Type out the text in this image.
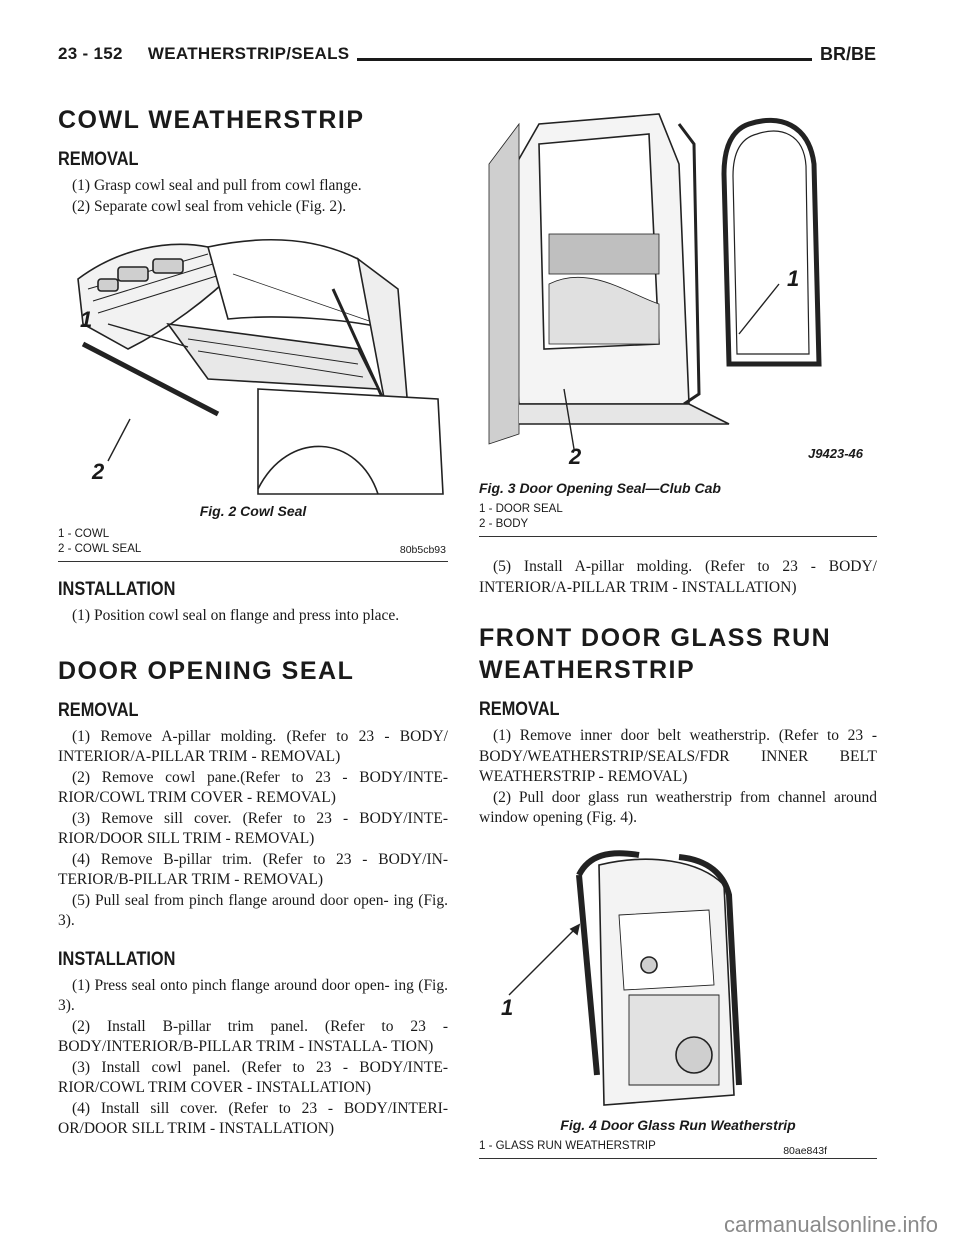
23 - 152     WEATHERSTRIP/SEALS	BR/BE
COWL WEATHERSTRIP
REMOVAL

(1) Grasp cowl seal and pull from cowl flange.

(2) Separate cowl seal from vehicle (Fig. 2).

1
2
80b5cb93
Fig. 2 Cowl Seal
1 - COWL
2 - COWL SEAL
INSTALLATION

(1) Position cowl seal on flange and press into place.

DOOR OPENING SEAL
REMOVAL

(1) Remove A-pillar molding. (Refer to 23 - BODY/ INTERIOR/A-PILLAR TRIM - REMOVAL)

(2) Remove cowl pane.(Refer to 23 - BODY/INTE- RIOR/COWL TRIM COVER - REMOVAL)

(3) Remove sill cover. (Refer to 23 - BODY/INTE- RIOR/DOOR SILL TRIM - REMOVAL)

(4) Remove B-pillar trim. (Refer to 23 - BODY/IN- TERIOR/B-PILLAR TRIM - REMOVAL)

(5) Pull seal from pinch flange around door open- ing (Fig. 3).

INSTALLATION

(1) Press seal onto pinch flange around door open- ing (Fig. 3).

(2) Install B-pillar trim panel. (Refer to 23 - BODY/INTERIOR/B-PILLAR TRIM - INSTALLA- TION)

(3) Install cowl panel. (Refer to 23 - BODY/INTE- RIOR/COWL TRIM COVER - INSTALLATION)

(4) Install sill cover. (Refer to 23 - BODY/INTERI- OR/DOOR SILL TRIM - INSTALLATION)

1
2	J9423-46
Fig. 3 Door Opening Seal—Club Cab
1 - DOOR SEAL
2 - BODY

(5) Install A-pillar molding. (Refer to 23 - BODY/ INTERIOR/A-PILLAR TRIM - INSTALLATION)

FRONT DOOR GLASS RUN WEATHERSTRIP
REMOVAL

(1) Remove inner door belt weatherstrip. (Refer to 23 - BODY/WEATHERSTRIP/SEALS/FDR INNER BELT WEATHERSTRIP - REMOVAL)

(2) Pull door glass run weatherstrip from channel around window opening (Fig. 4).

1
80ae843f
Fig. 4 Door Glass Run Weatherstrip
1 - GLASS RUN WEATHERSTRIP
carmanualsonline.info
